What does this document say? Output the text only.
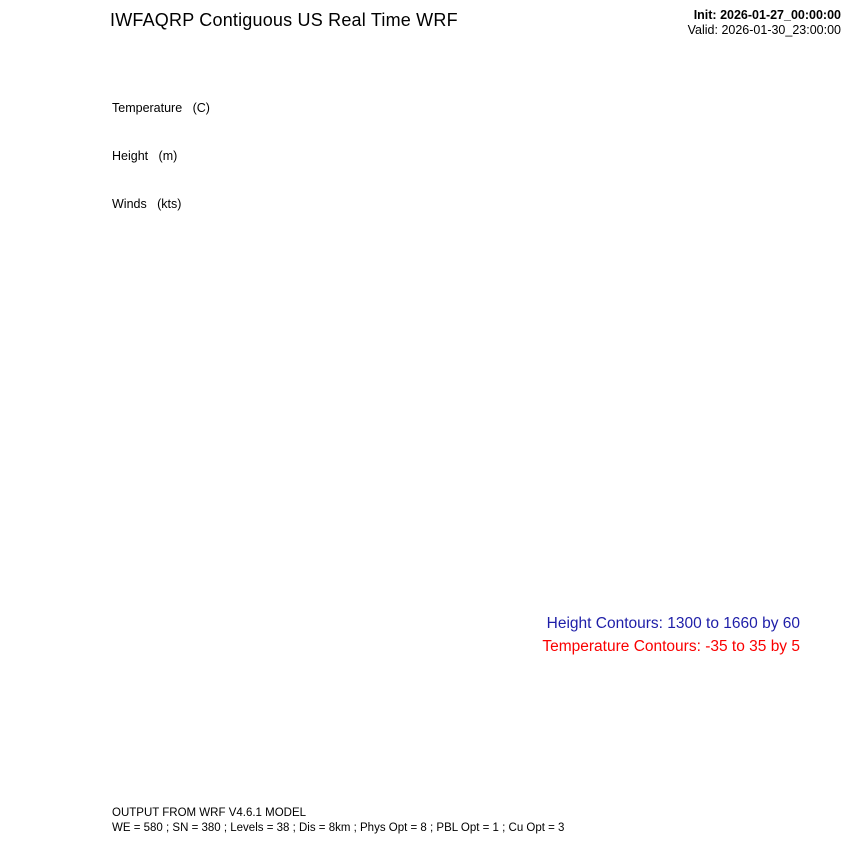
IWFAQRP Contiguous US Real Time WRF	Init: 2026-01-27_00:00:00
Valid: 2026-01-30_23:00:00

Temperature   (C)

Height   (m)

Winds   (kts)

Height Contours: 1300 to 1660 by 60
Temperature Contours: -35 to 35 by 5
OUTPUT FROM WRF V4.6.1 MODEL
WE = 580 ; SN = 380 ; Levels = 38 ; Dis = 8km ; Phys Opt = 8 ; PBL Opt = 1 ; Cu Opt = 3
